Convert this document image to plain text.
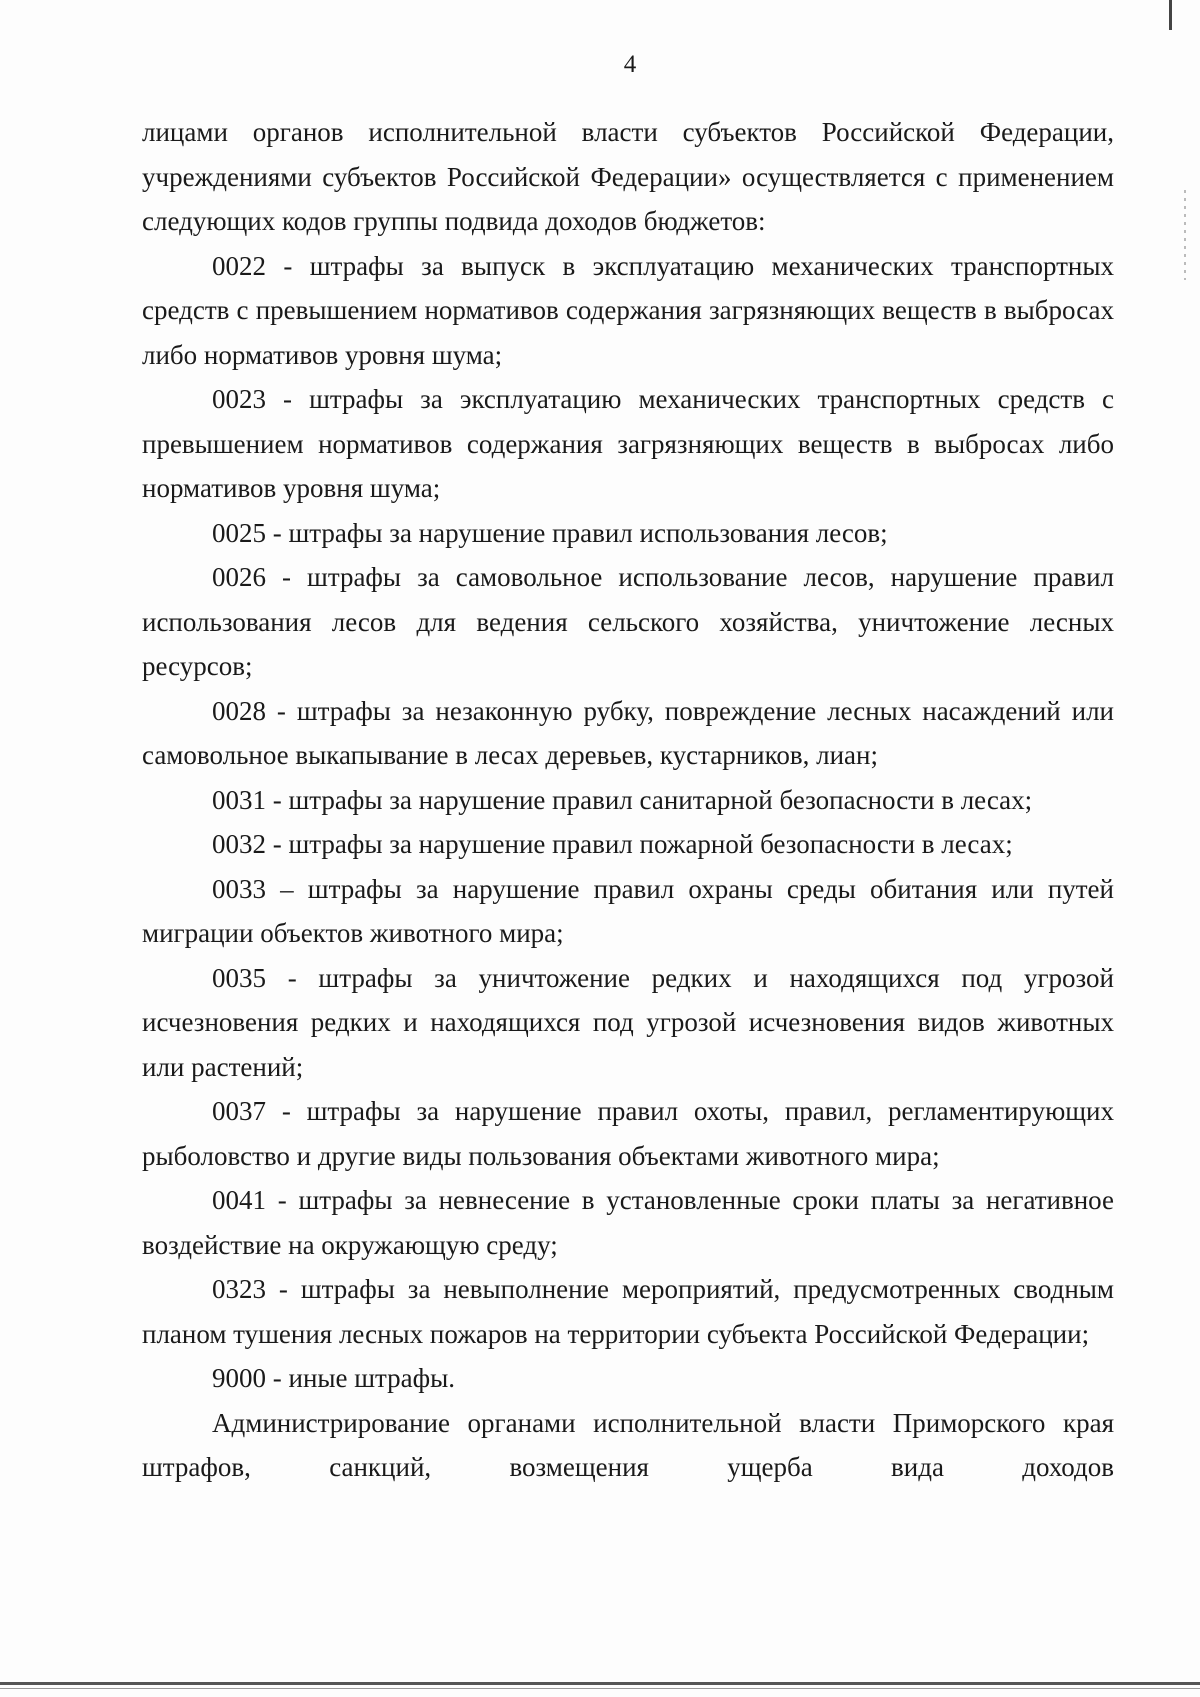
4

лицами органов исполнительной власти субъектов Российской Федерации, учреждениями субъектов Российской Федерации» осуществляется с применением следующих кодов группы подвида доходов бюджетов:

0022 - штрафы за выпуск в эксплуатацию механических транспортных средств с превышением нормативов содержания загрязняющих веществ в выбросах либо нормативов уровня шума;

0023 - штрафы за эксплуатацию механических транспортных средств с превышением нормативов содержания загрязняющих веществ в выбросах либо нормативов уровня шума;

0025 - штрафы за нарушение правил использования лесов;

0026 - штрафы за самовольное использование лесов, нарушение правил использования лесов для ведения сельского хозяйства, уничтожение лесных ресурсов;

0028 - штрафы за незаконную рубку, повреждение лесных насаждений или самовольное выкапывание в лесах деревьев, кустарников, лиан;

0031 - штрафы за нарушение правил санитарной безопасности в лесах;

0032 - штрафы за нарушение правил пожарной безопасности в лесах;

0033 – штрафы за нарушение правил охраны среды обитания или путей миграции объектов животного мира;

0035 - штрафы за уничтожение редких и находящихся под угрозой исчезновения редких и находящихся под угрозой исчезновения видов животных или растений;

0037 - штрафы за нарушение правил охоты, правил, регламентирующих рыболовство и другие виды пользования объектами животного мира;

0041 - штрафы за невнесение в установленные сроки платы за негативное воздействие на окружающую среду;

0323 - штрафы за невыполнение мероприятий, предусмотренных сводным планом тушения лесных пожаров на территории субъекта Российской Федерации;

9000 - иные штрафы.

Администрирование органами исполнительной власти Приморского края штрафов, санкций, возмещения ущерба вида доходов
